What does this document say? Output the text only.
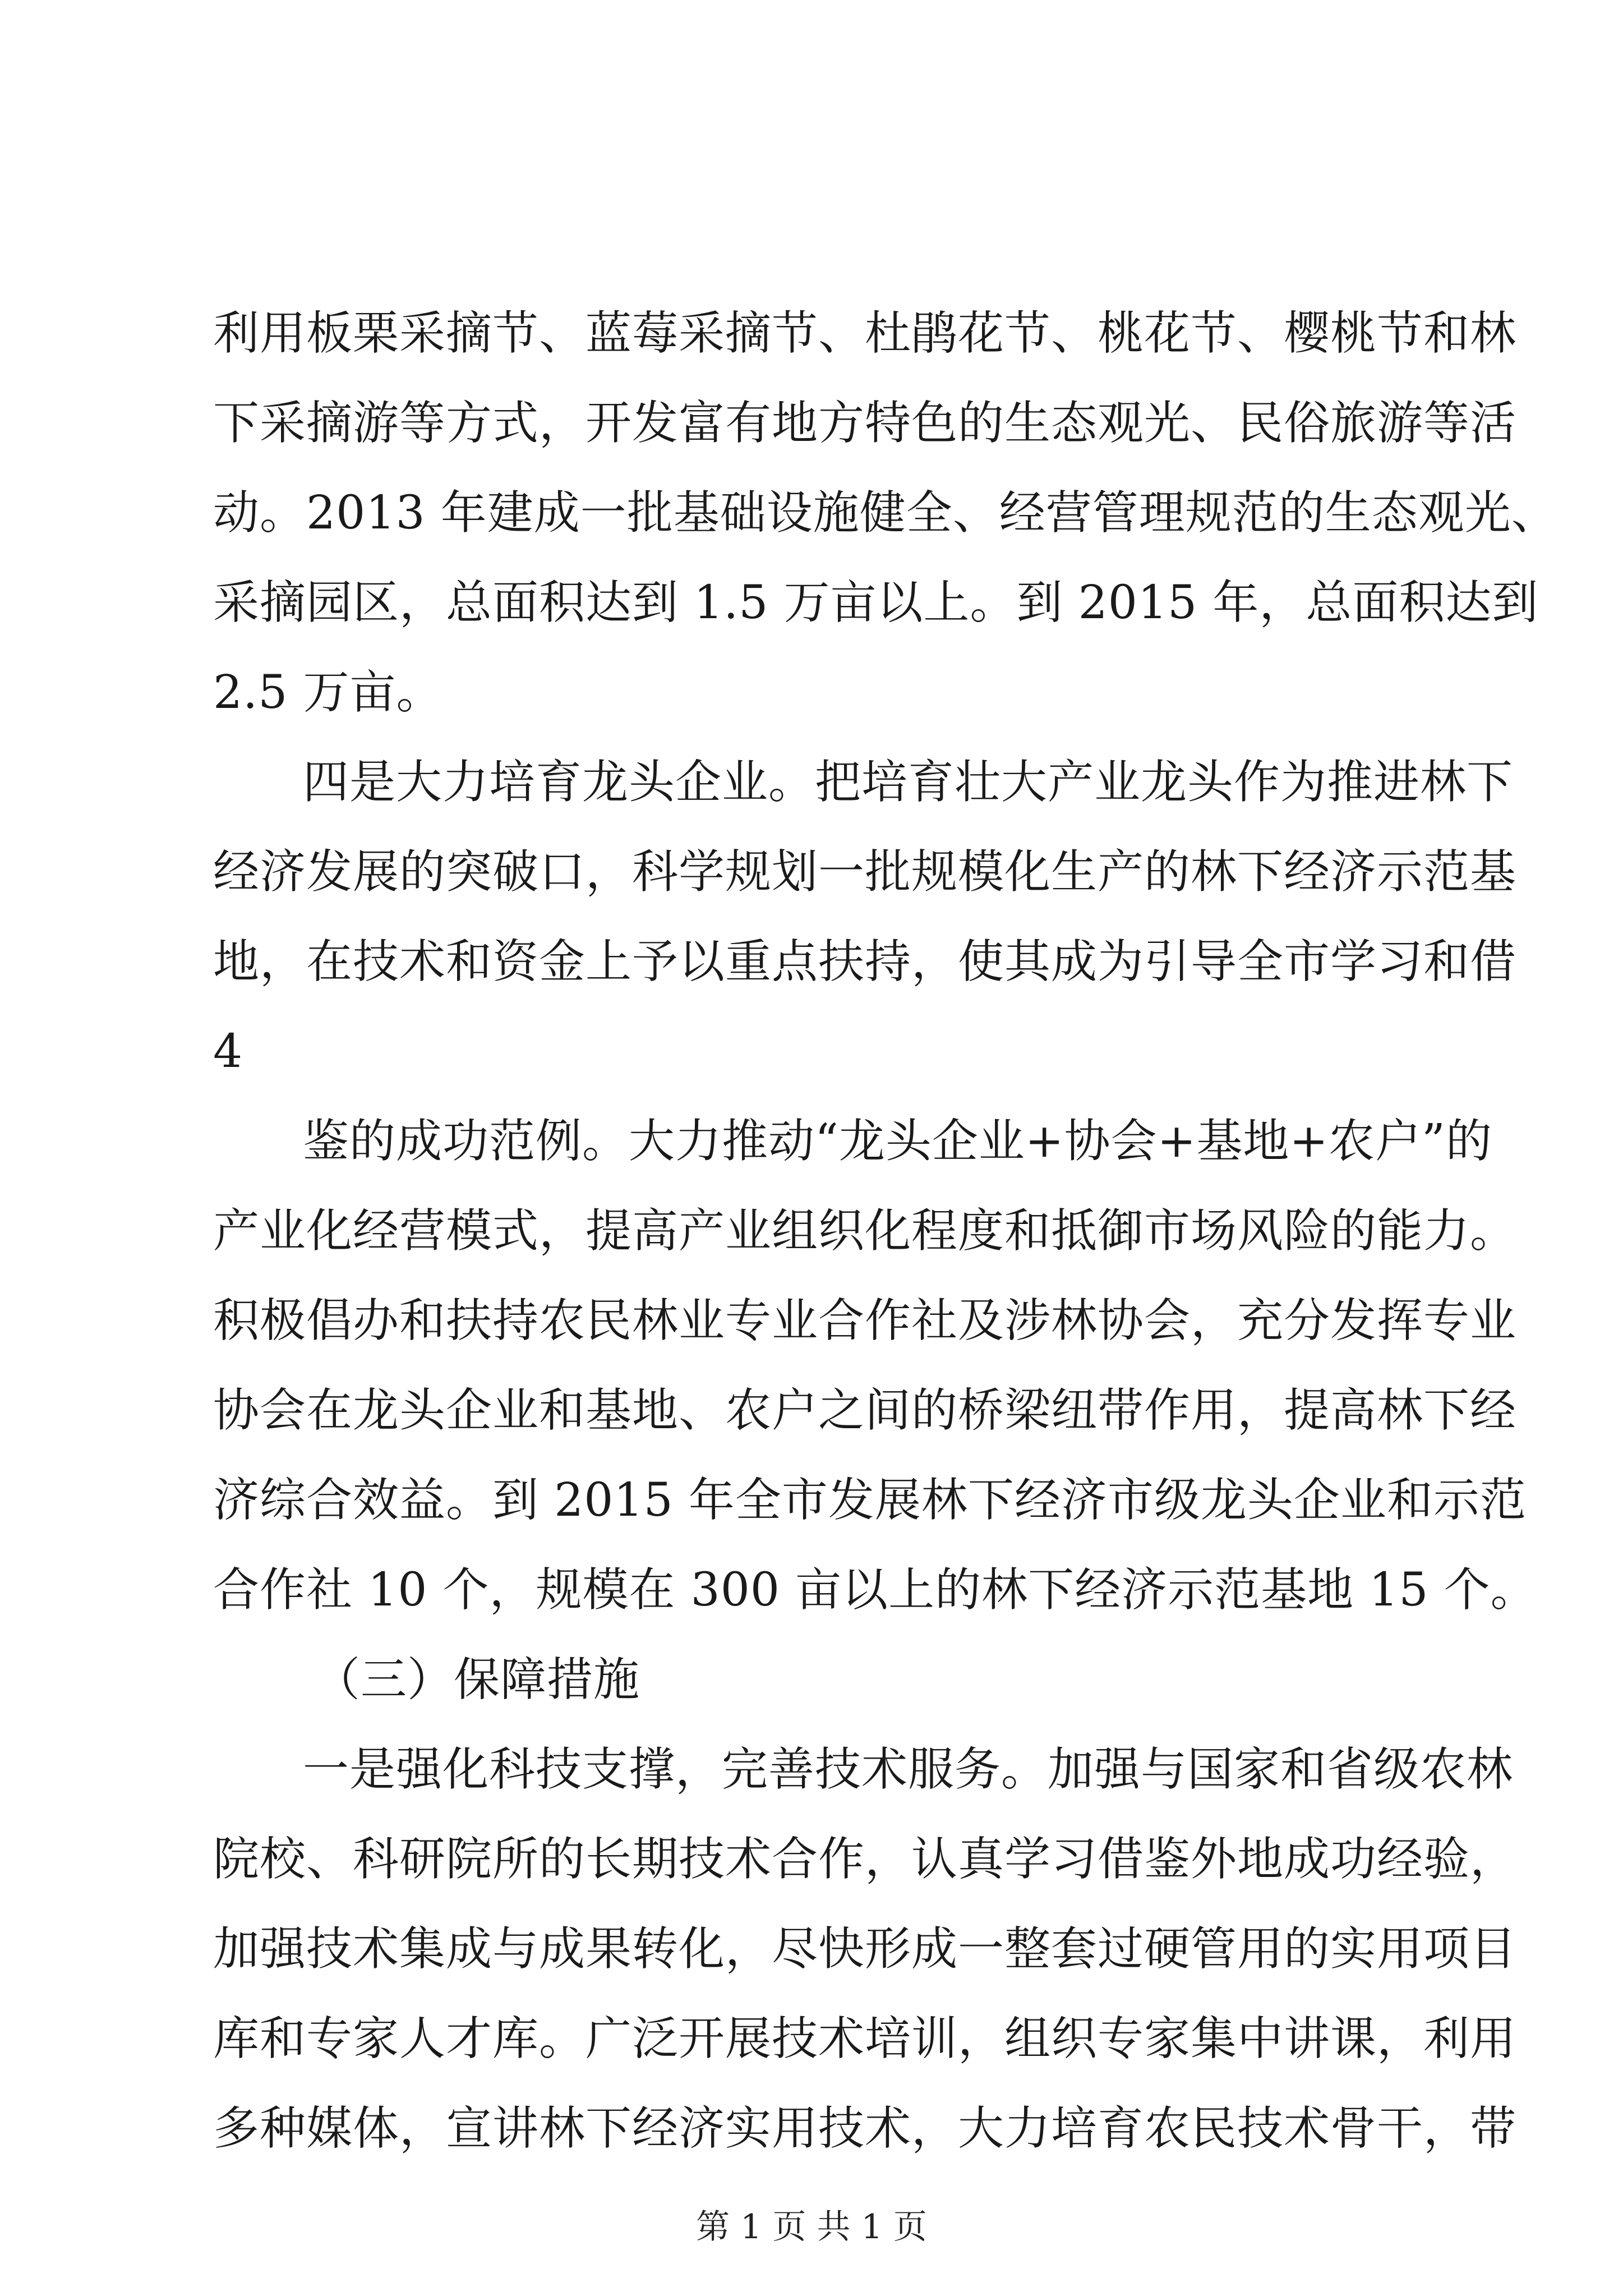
利用板栗采摘节、蓝莓采摘节、杜鹃花节、桃花节、樱桃节和林
下采摘游等方式，开发富有地方特色的生态观光、民俗旅游等活
动。2013 年建成一批基础设施健全、经营管理规范的生态观光、
采摘园区，总面积达到 1.5 万亩以上。到 2015 年，总面积达到
2.5 万亩。
四是大力培育龙头企业。把培育壮大产业龙头作为推进林下
经济发展的突破口，科学规划一批规模化生产的林下经济示范基
地，在技术和资金上予以重点扶持，使其成为引导全市学习和借
4
鉴的成功范例。大力推动“龙头企业+协会+基地+农户”的
产业化经营模式，提高产业组织化程度和抵御市场风险的能力。
积极倡办和扶持农民林业专业合作社及涉林协会，充分发挥专业
协会在龙头企业和基地、农户之间的桥梁纽带作用，提高林下经
济综合效益。到 2015 年全市发展林下经济市级龙头企业和示范
合作社 10 个，规模在 300 亩以上的林下经济示范基地 15 个。
（三）保障措施
一是强化科技支撑，完善技术服务。加强与国家和省级农林
院校、科研院所的长期技术合作，认真学习借鉴外地成功经验，
加强技术集成与成果转化，尽快形成一整套过硬管用的实用项目
库和专家人才库。广泛开展技术培训，组织专家集中讲课，利用
多种媒体，宣讲林下经济实用技术，大力培育农民技术骨干，带
第 1 页 共 1 页
